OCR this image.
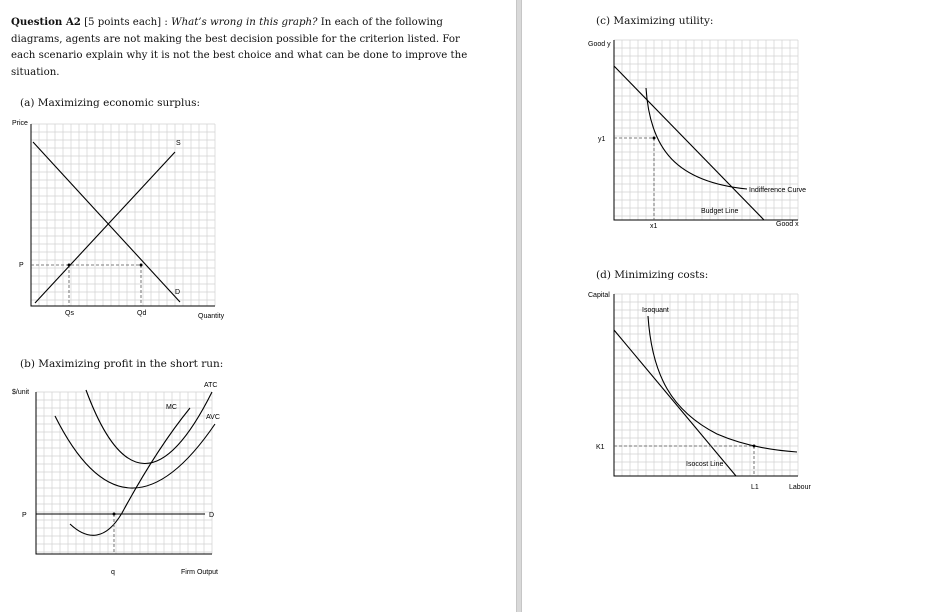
Question A2 [5 points each] : What’s wrong in this graph? In each of the following diagrams, agents are not making the best decision possible for the criterion listed. For each scenario explain why it is not the best choice and what can be done to improve the situation.
(a) Maximizing economic surplus:
Price
Quantity
S
D
P
Qs	Qd
(b) Maximizing profit in the short run:
$/unit
Firm Output
ATC
AVC
MC
D
P
q
(c) Maximizing utility:
Good y
Good x
y1
x1
Indifference Curve
Budget Line
(d) Minimizing costs:
Capital
Labour
Isoquant
Isocost Line
K1
L1
